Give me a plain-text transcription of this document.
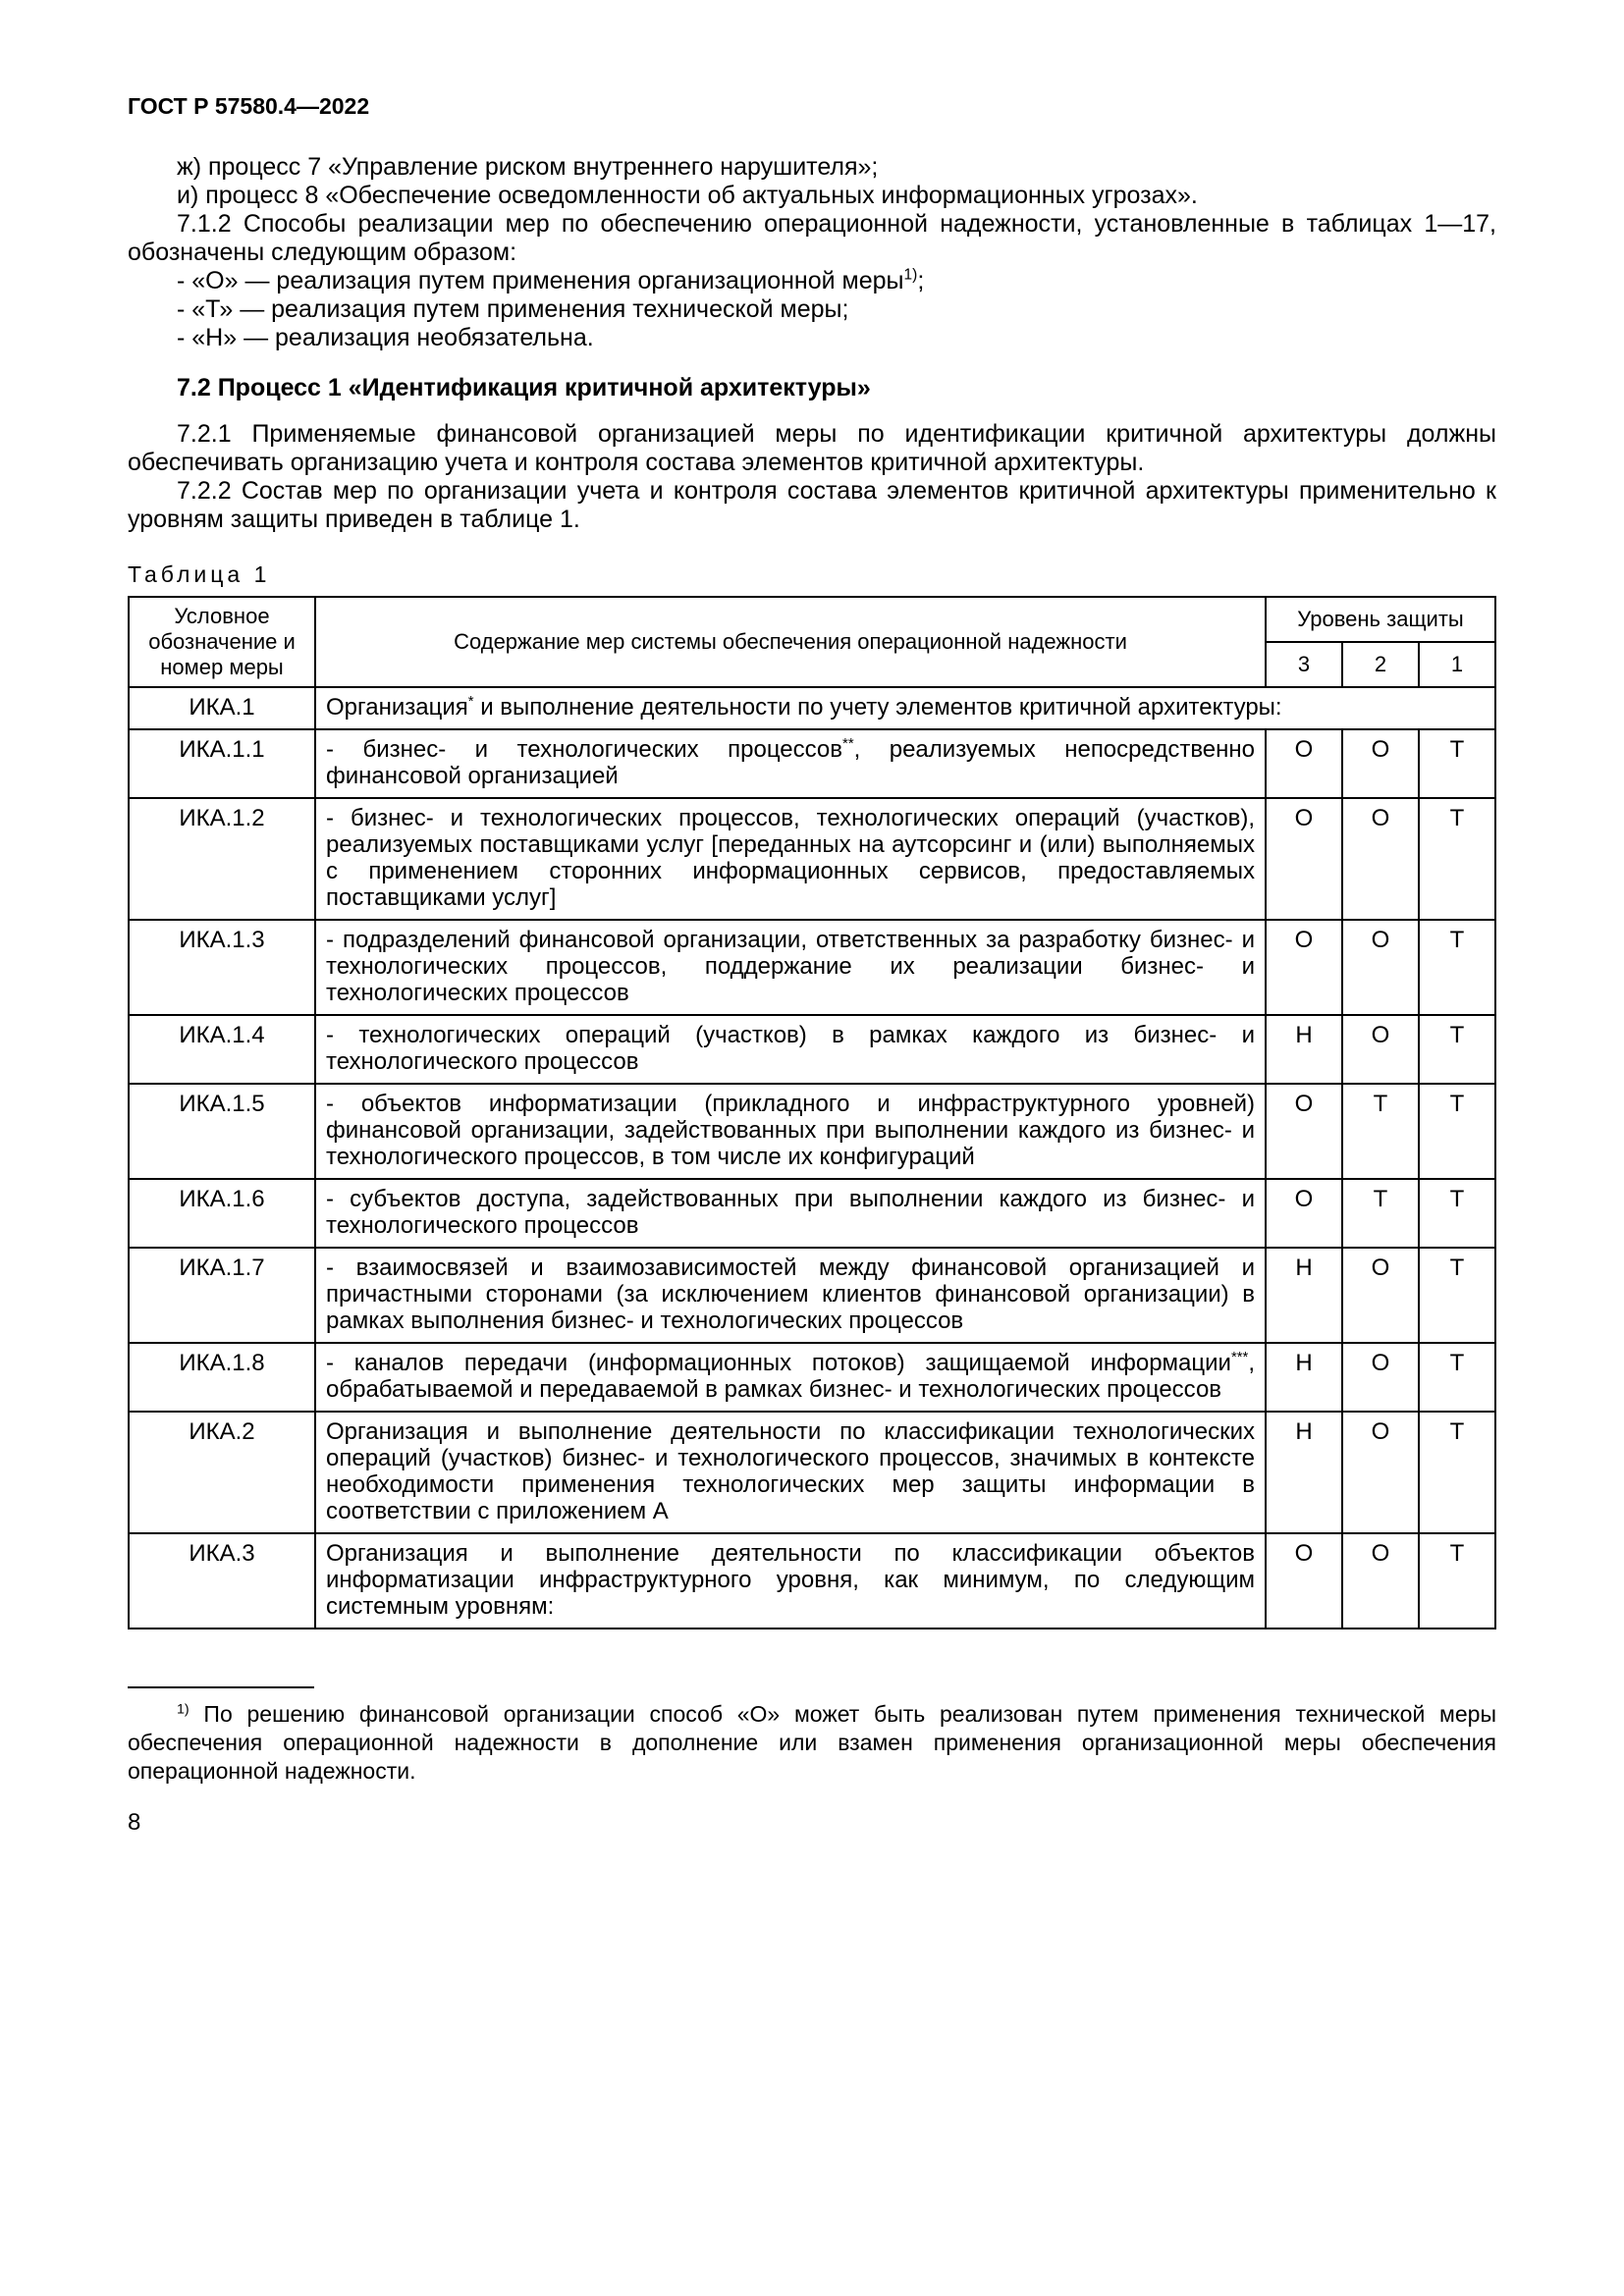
ГОСТ Р 57580.4—2022

ж) процесс 7 «Управление риском внутреннего нарушителя»;

и) процесс 8 «Обеспечение осведомленности об актуальных информационных угрозах».

7.1.2 Способы реализации мер по обеспечению операционной надежности, установленные в таблицах 1—17, обозначены следующим образом:

- «О» — реализация путем применения организационной меры$^{1)}$;

- «Т» — реализация путем применения технической меры;

- «Н» — реализация необязательна.

7.2 Процесс 1 «Идентификация критичной архитектуры»

7.2.1 Применяемые финансовой организацией меры по идентификации критичной архитектуры должны обеспечивать организацию учета и контроля состава элементов критичной архитектуры.

7.2.2 Состав мер по организации учета и контроля состава элементов критичной архитектуры применительно к уровням защиты приведен в таблице 1.

Таблица 1
Условное обозначение и номер меры	Содержание мер системы обеспечения операционной надежности	Уровень защиты		
		3	2	1
ИКА.1	Организация* и выполнение деятельности по учету элементов критичной архитектуры:			
ИКА.1.1	- бизнес- и технологических процессов**, реализуемых непосредственно финансовой организацией	О	О	Т
ИКА.1.2	- бизнес- и технологических процессов, технологических операций (участков), реализуемых поставщиками услуг [переданных на аутсорсинг и (или) выполняемых с применением сторонних информационных сервисов, предоставляемых поставщиками услуг]	О	О	Т
ИКА.1.3	- подразделений финансовой организации, ответственных за разработку бизнес- и технологических процессов, поддержание их реализации бизнес- и технологических процессов	О	О	Т
ИКА.1.4	- технологических операций (участков) в рамках каждого из бизнес- и технологического процессов	Н	О	Т
ИКА.1.5	- объектов информатизации (прикладного и инфраструктурного уровней) финансовой организации, задействованных при выполнении каждого из бизнес- и технологического процессов, в том числе их конфигураций	О	Т	Т
ИКА.1.6	- субъектов доступа, задействованных при выполнении каждого из бизнес- и технологического процессов	О	Т	Т
ИКА.1.7	- взаимосвязей и взаимозависимостей между финансовой организацией и причастными сторонами (за исключением клиентов финансовой организации) в рамках выполнения бизнес- и технологических процессов	Н	О	Т
ИКА.1.8	- каналов передачи (информационных потоков) защищаемой информации***, обрабатываемой и передаваемой в рамках бизнес- и технологических процессов	Н	О	Т
ИКА.2	Организация и выполнение деятельности по классификации технологических операций (участков) бизнес- и технологического процессов, значимых в контексте необходимости применения технологических мер защиты информации в соответствии с приложением А	Н	О	Т
ИКА.3	Организация и выполнение деятельности по классификации объектов информатизации инфраструктурного уровня, как минимум, по следующим системным уровням:	О	О	Т

$^{1)}$ По решению финансовой организации способ «О» может быть реализован путем применения технической меры обеспечения операционной надежности в дополнение или взамен применения организационной меры обеспечения операционной надежности.

8
